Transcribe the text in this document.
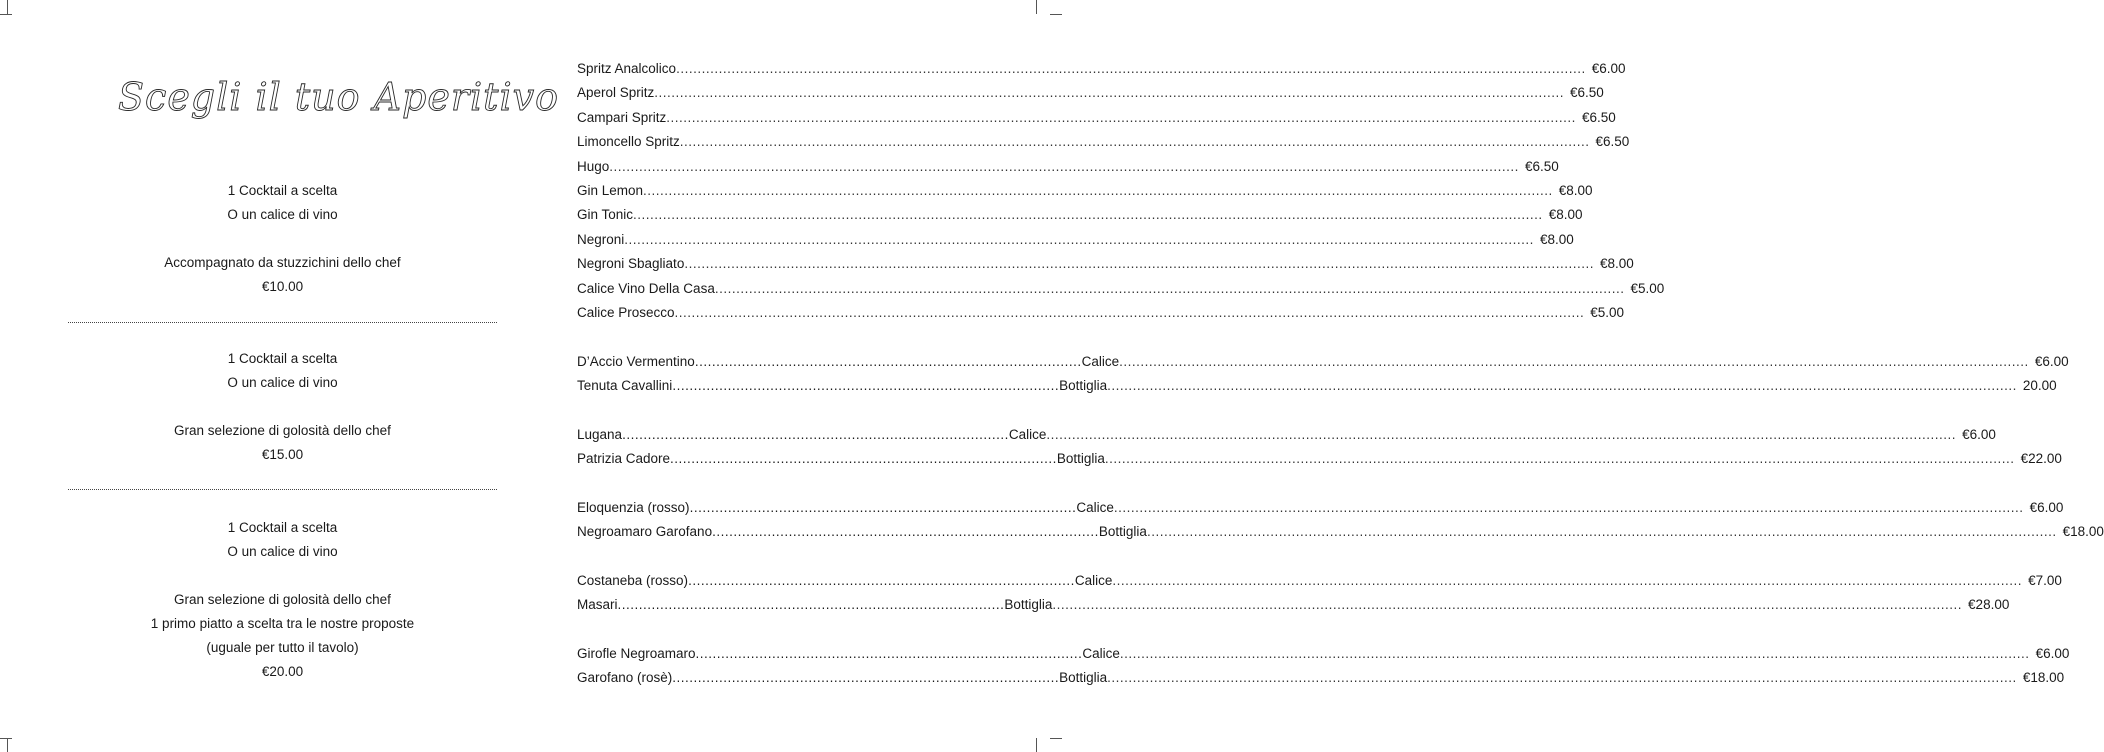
Scegli il tuo Aperitivo
1 Cocktail a scelta
O un calice di vino
Accompagnato da stuzzichini dello chef
€10.00
1 Cocktail a scelta
O un calice di vino
Gran selezione di golosità dello chef
€15.00
1 Cocktail a scelta
O un calice di vino
Gran selezione di golosità dello chef
1 primo piatto a scelta tra le nostre proposte
(uguale per tutto il tavolo)
€20.00
Spritz Analcolico .....	€6.00
Aperol Spritz .....	€6.50
Campari Spritz .....	€6.50
Limoncello Spritz .....	€6.50
Hugo .....	€6.50
Gin Lemon .....	€8.00
Gin Tonic .....	€8.00
Negroni .....	€8.00
Negroni Sbagliato .....	€8.00
Calice Vino Della Casa .....	€5.00
Calice Prosecco .....	€5.00
D’Accio Vermentino .....	Calice .....	€6.00
Tenuta Cavallini .....	Bottiglia .....	20.00
Lugana .....	Calice .....	€6.00
Patrizia Cadore .....	Bottiglia .....	€22.00
Eloquenzia (rosso) .....	Calice .....	€6.00
Negroamaro Garofano .....	Bottiglia .....	€18.00
Costaneba (rosso) .....	Calice .....	€7.00
Masari .....	Bottiglia .....	€28.00
Girofle Negroamaro .....	Calice .....	€6.00
Garofano (rosè) .....	Bottiglia .....	€18.00
